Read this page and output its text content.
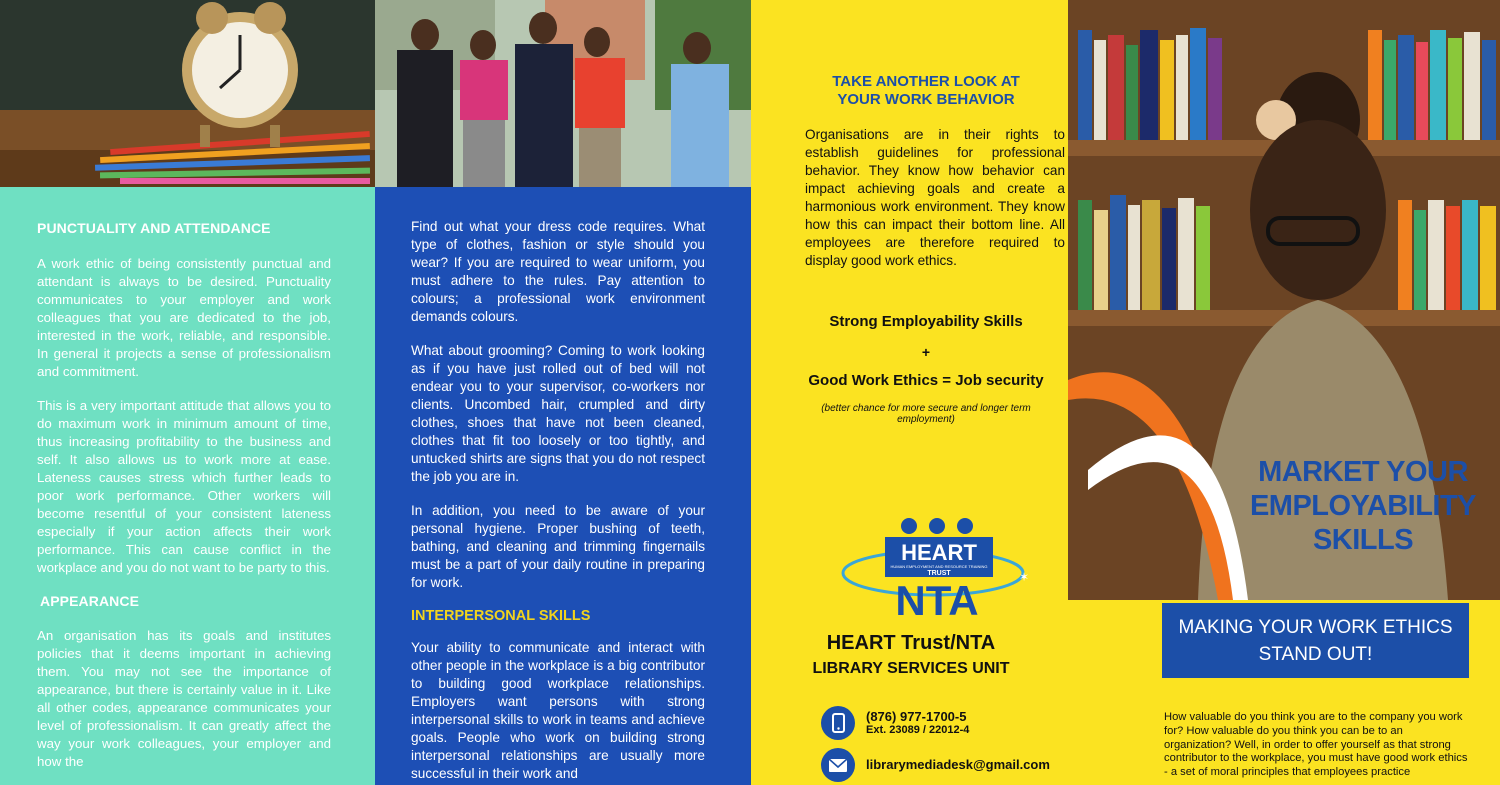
PUNCTUALITY AND ATTENDANCE

A work ethic of being consistently punctual and attendant is always to be desired. Punctuality communicates to your employer and work colleagues that you are dedicated to the job, interested in the work, reliable, and responsible. In general it projects a sense of professionalism and commitment.

This is a very important attitude that allows you to do maximum work in minimum amount of time, thus increasing profitability to the business and self. It also allows us to work more at ease. Lateness causes stress which further leads to poor work performance. Other workers will become resentful of your consistent lateness especially if your action affects their work performance. This can cause conflict in the workplace and you do not want to be party to this.

APPEARANCE

An organisation has its goals and institutes policies that it deems important in achieving them. You may not see the importance of appearance, but there is certainly value in it. Like all other codes, appearance communicates your level of professionalism. It can greatly affect the way your work colleagues, your employer and how the

Find out what your dress code requires. What type of clothes, fashion or style should you wear? If you are required to wear uniform, you must adhere to the rules. Pay attention to colours; a professional work environment demands colours.

What about grooming? Coming to work looking as if you have just rolled out of bed will not endear you to your supervisor, co-workers nor clients. Uncombed hair, crumpled and dirty clothes, shoes that have not been cleaned, clothes that fit too loosely or too tightly, and untucked shirts are signs that you do not respect the job you are in.

In addition, you need to be aware of your personal hygiene. Proper bushing of teeth, bathing, and cleaning and trimming fingernails must be a part of your daily routine in preparing for work.

INTERPERSONAL SKILLS

Your ability to communicate and interact with other people in the workplace is a big contributor to building good workplace relationships. Employers want persons with strong interpersonal skills to work in teams and achieve goals. People who work on building strong interpersonal relationships are usually more successful in their work and

TAKE ANOTHER LOOK AT
YOUR WORK BEHAVIOR

Organisations are in their rights to establish guidelines for professional behavior. They know how behavior can impact achieving goals and create a harmonious work environment. They know how this can impact their bottom line. All employees are therefore required to display good work ethics.

Strong Employability Skills
+
Good Work Ethics = Job security
(better chance for more secure and longer term employment)
HEART
HUMAN EMPLOYMENT AND RESOURCE TRAINING
TRUST
NTA	✶
HEART Trust/NTA
LIBRARY SERVICES UNIT
(876) 977-1700-5
Ext. 23089 / 22012-4
librarymediadesk@gmail.com
MARKET YOUR
EMPLOYABILITY
SKILLS
MAKING YOUR WORK ETHICS
STAND OUT!

How valuable do you think you are to the company you work for? How valuable do you think you can be to an organization? Well, in order to offer yourself as that strong contributor to the workplace, you must have good work ethics - a set of moral principles that employees practice
